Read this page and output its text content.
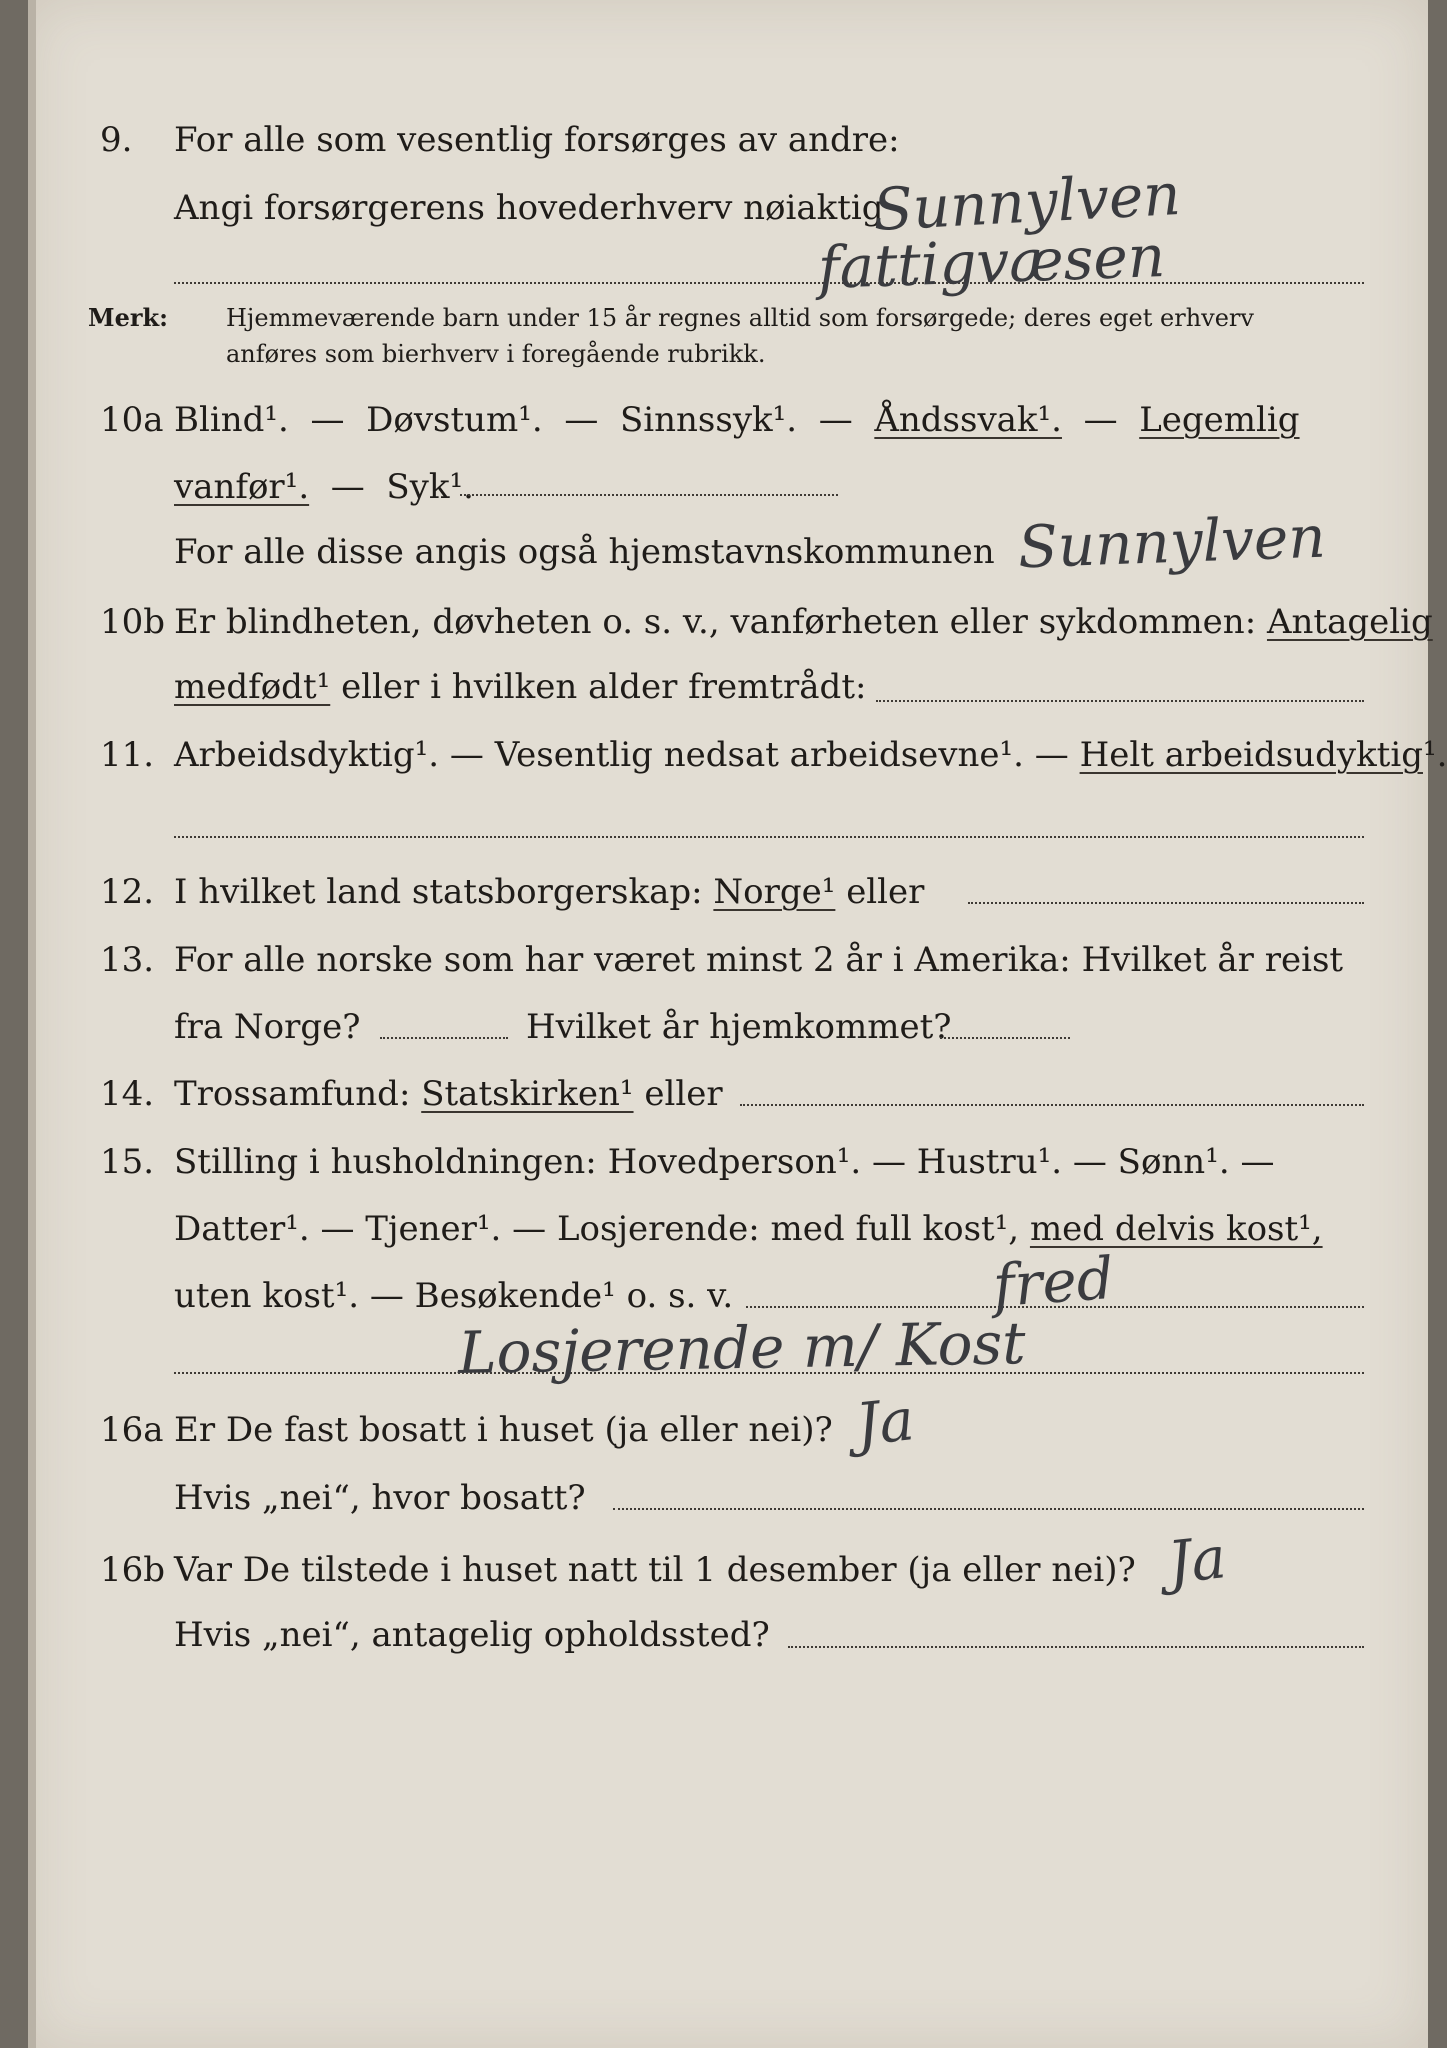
9. For alle som vesentlig forsørges av andre:
Angi forsørgerens hovederhverv nøiaktig
Sunnylven
fattigvæsen
Merk: Hjemmeværende barn under 15 år regnes alltid som forsørgede; deres eget erhverv
anføres som bierhverv i foregående rubrikk.
10a Blind¹. — Døvstum¹. — Sinnssyk¹. — Åndssvak¹. — Legemlig
vanfør¹. — Syk¹.
For alle disse angis også hjemstavnskommunen Sunnylven
10b Er blindheten, døvheten o. s. v., vanførheten eller sykdommen: Antagelig
medfødt¹ eller i hvilken alder fremtrådt:
11. Arbeidsdyktig¹. — Vesentlig nedsat arbeidsevne¹. — Helt arbeidsudyktig¹.
12. I hvilket land statsborgerskap: Norge¹ eller
13. For alle norske som har været minst 2 år i Amerika: Hvilket år reist
fra Norge?	Hvilket år hjemkommet?
14. Trossamfund: Statskirken¹ eller
15. Stilling i husholdningen: Hovedperson¹. — Hustru¹. — Sønn¹. —
Datter¹. — Tjener¹. — Losjerende: med full kost¹, med delvis kost¹,
uten kost¹. — Besøkende¹ o. s. v.	fred
Losjerende m/ Kost
16a Er De fast bosatt i huset (ja eller nei)? Ja
Hvis „nei“, hvor bosatt?
16b Var De tilstede i huset natt til 1 desember (ja eller nei)? Ja
Hvis „nei“, antagelig opholdssted?
